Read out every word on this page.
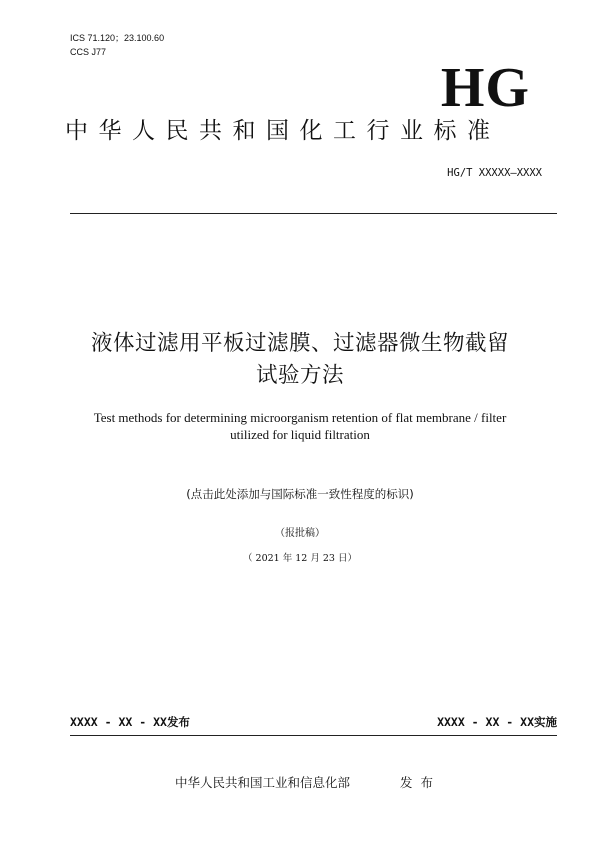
ICS 71.120；23.100.60
CCS J77
HG
中华人民共和国化工行业标准
HG/T XXXXX—XXXX
液体过滤用平板过滤膜、过滤器微生物截留
试验方法
Test methods for determining microorganism retention of flat membrane / filter
utilized for liquid filtration
(点击此处添加与国际标准一致性程度的标识)
（报批稿）
（ 2021 年 12 月 23 日）
XXXX - XX - XX发布	XXXX - XX - XX实施
中华人民共和国工业和信息化部	发布
